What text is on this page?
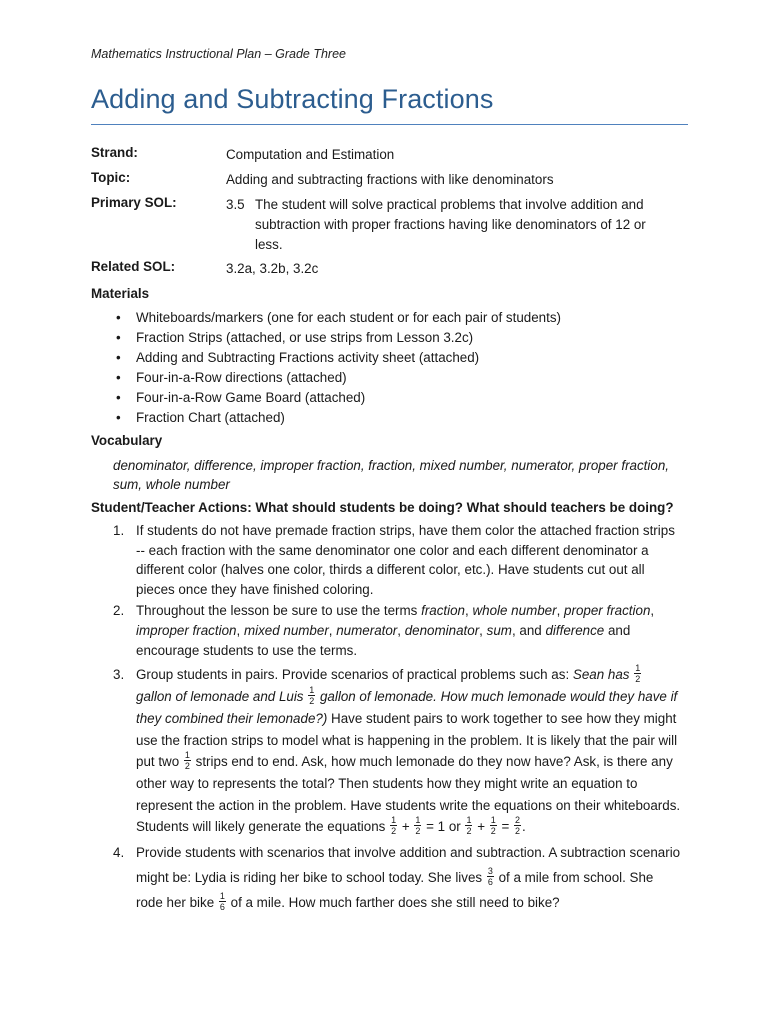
Mathematics Instructional Plan – Grade Three
Adding and Subtracting Fractions
Strand:	Computation and Estimation
Topic:	Adding and subtracting fractions with like denominators
Primary SOL:	3.5 The student will solve practical problems that involve addition and subtraction with proper fractions having like denominators of 12 or less.
Related SOL:	3.2a, 3.2b, 3.2c
Materials
• Whiteboards/markers (one for each student or for each pair of students)
• Fraction Strips (attached, or use strips from Lesson 3.2c)
• Adding and Subtracting Fractions activity sheet (attached)
• Four-in-a-Row directions (attached)
• Four-in-a-Row Game Board (attached)
• Fraction Chart (attached)
Vocabulary
denominator, difference, improper fraction, fraction, mixed number, numerator, proper fraction, sum, whole number
Student/Teacher Actions: What should students be doing? What should teachers be doing?
1. If students do not have premade fraction strips, have them color the attached fraction strips -- each fraction with the same denominator one color and each different denominator a different color (halves one color, thirds a different color, etc.). Have students cut out all pieces once they have finished coloring.
2. Throughout the lesson be sure to use the terms fraction, whole number, proper fraction, improper fraction, mixed number, numerator, denominator, sum, and difference and encourage students to use the terms.
3. Group students in pairs. Provide scenarios of practical problems such as: Sean has $\frac{1}{2}$
gallon of lemonade and Luis $\frac{1}{2}$ gallon of lemonade. How much lemonade would they have if they combined their lemonade?) Have student pairs to work together to see how they might use the fraction strips to model what is happening in the problem. It is likely that the pair will put two $\frac{1}{2}$ strips end to end. Ask, how much lemonade do they now have? Ask, is there any other way to represents the total? Then students how they might write an equation to represent the action in the problem. Have students write the equations on their whiteboards. Students will likely generate the equations $\frac{1}{2} + \frac{1}{2} = 1$ or $\frac{1}{2} + \frac{1}{2} = \frac{2}{2}$ .
4. Provide students with scenarios that involve addition and subtraction. A subtraction scenario might be: Lydia is riding her bike to school today. She lives $\frac{3}{6}$ of a mile from school. She rode her bike $\frac{1}{6}$ of a mile. How much farther does she still need to bike?
